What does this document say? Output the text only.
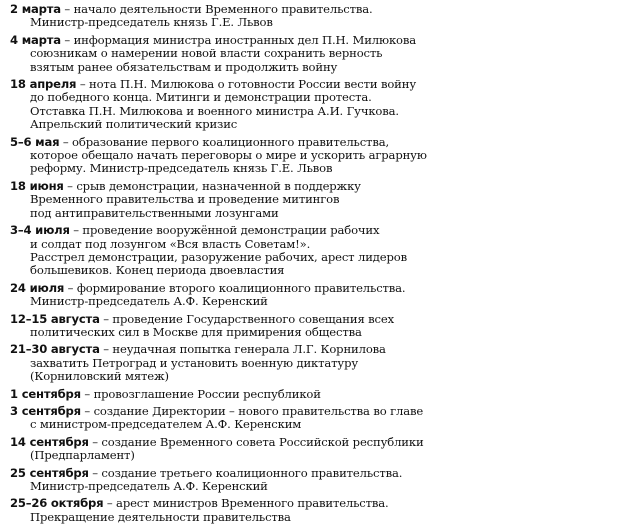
2 марта – начало деятельности Временного правительства.
Министр-председатель князь Г.Е. Львов
4 марта – информация министра иностранных дел П.Н. Милюкова
союзникам о намерении новой власти сохранить верность
взятым ранее обязательствам и продолжить войну
18 апреля – нота П.Н. Милюкова о готовности России вести войну
до победного конца. Митинги и демонстрации протеста.
Отставка П.Н. Милюкова и военного министра А.И. Гучкова.
Апрельский политический кризис
5–6 мая – образование первого коалиционного правительства,
которое обещало начать переговоры о мире и ускорить аграрную
реформу. Министр-председатель князь Г.Е. Львов
18 июня – срыв демонстрации, назначенной в поддержку
Временного правительства и проведение митингов
под антиправительственными лозунгами
3–4 июля – проведение вооружённой демонстрации рабочих
и солдат под лозунгом «Вся власть Советам!».
Расстрел демонстрации, разоружение рабочих, арест лидеров
большевиков. Конец периода двоевластия
24 июля – формирование второго коалиционного правительства.
Министр-председатель А.Ф. Керенский
12–15 августа – проведение Государственного совещания всех
политических сил в Москве для примирения общества
21–30 августа – неудачная попытка генерала Л.Г. Корнилова
захватить Петроград и установить военную диктатуру
(Корниловский мятеж)
1 сентября – провозглашение России республикой
3 сентября – создание Директории – нового правительства во главе
с министром-председателем А.Ф. Керенским
14 сентября – создание Временного совета Российской республики
(Предпарламент)
25 сентября – создание третьего коалиционного правительства.
Министр-председатель А.Ф. Керенский
25–26 октября – арест министров Временного правительства.
Прекращение деятельности правительства
